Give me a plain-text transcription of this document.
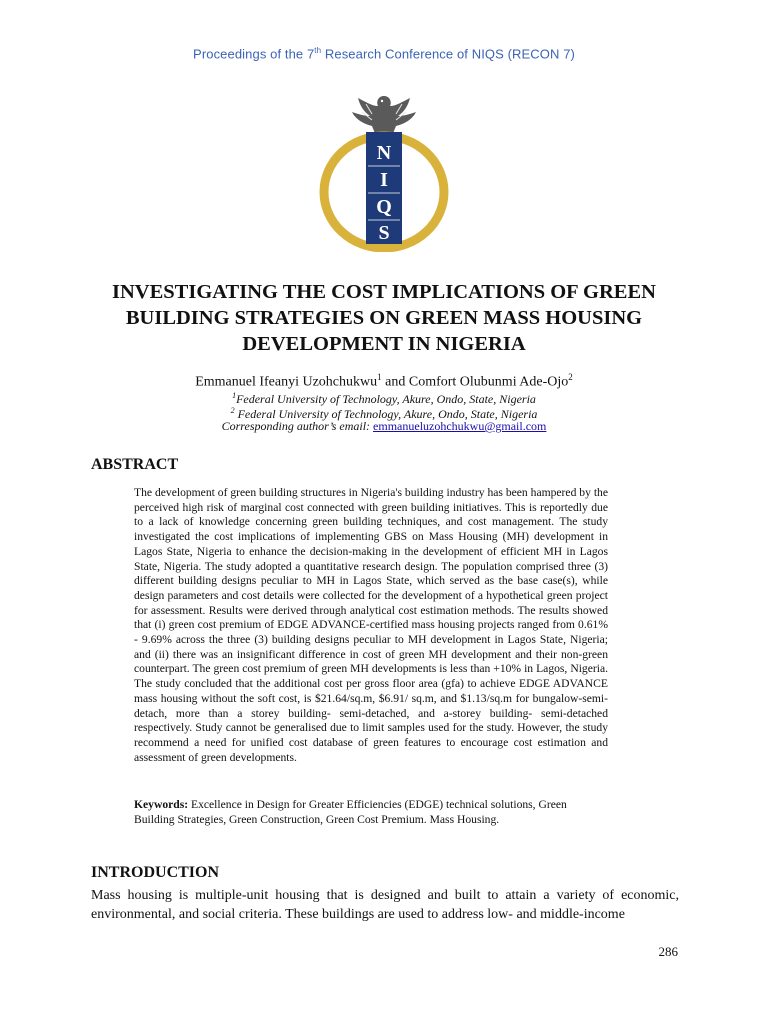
Proceedings of the 7th Research Conference of NIQS (RECON 7)
N
I
Q
S
INVESTIGATING THE COST IMPLICATIONS OF GREEN BUILDING STRATEGIES ON GREEN MASS HOUSING DEVELOPMENT IN NIGERIA
Emmanuel Ifeanyi Uzohchukwu$^1$ and Comfort Olubunmi Ade-Ojo$^2$
$^1$Federal University of Technology, Akure, Ondo, State, Nigeria
$^2$ Federal University of Technology, Akure, Ondo, State, Nigeria
Corresponding author’s email: emmanueluzohchukwu@gmail.com
ABSTRACT

The development of green building structures in Nigeria's building industry has been hampered by the perceived high risk of marginal cost connected with green building initiatives. This is reportedly due to a lack of knowledge concerning green building techniques, and cost management. The study investigated the cost implications of implementing GBS on Mass Housing (MH) development in Lagos State, Nigeria to enhance the decision-making in the development of efficient MH in Lagos State, Nigeria. The study adopted a quantitative research design. The population comprised three (3) different building designs peculiar to MH in Lagos State, which served as the base case(s), while design parameters and cost details were collected for the development of a hypothetical green project for assessment. Results were derived through analytical cost estimation methods. The results showed that (i) green cost premium of EDGE ADVANCE-certified mass housing projects ranged from 0.61% - 9.69% across the three (3) building designs peculiar to MH development in Lagos State, Nigeria; and (ii) there was an insignificant difference in cost of green MH development and their non-green counterpart. The green cost premium of green MH developments is less than +10% in Lagos, Nigeria. The study concluded that the additional cost per gross floor area (gfa) to achieve EDGE ADVANCE mass housing without the soft cost, is $21.64/sq.m, $6.91/ sq.m, and $1.13/sq.m for bungalow-semi-detach, more than a storey building- semi-detached, and a-storey building- semi-detached respectively. Study cannot be generalised due to limit samples used for the study. However, the study recommend a need for unified cost database of green features to encourage cost estimation and assessment of green developments.

Keywords: Excellence in Design for Greater Efficiencies (EDGE) technical solutions, Green Building Strategies, Green Construction, Green Cost Premium. Mass Housing.

INTRODUCTION

Mass housing is multiple-unit housing that is designed and built to attain a variety of economic, environmental, and social criteria. These buildings are used to address low- and middle-income

286
